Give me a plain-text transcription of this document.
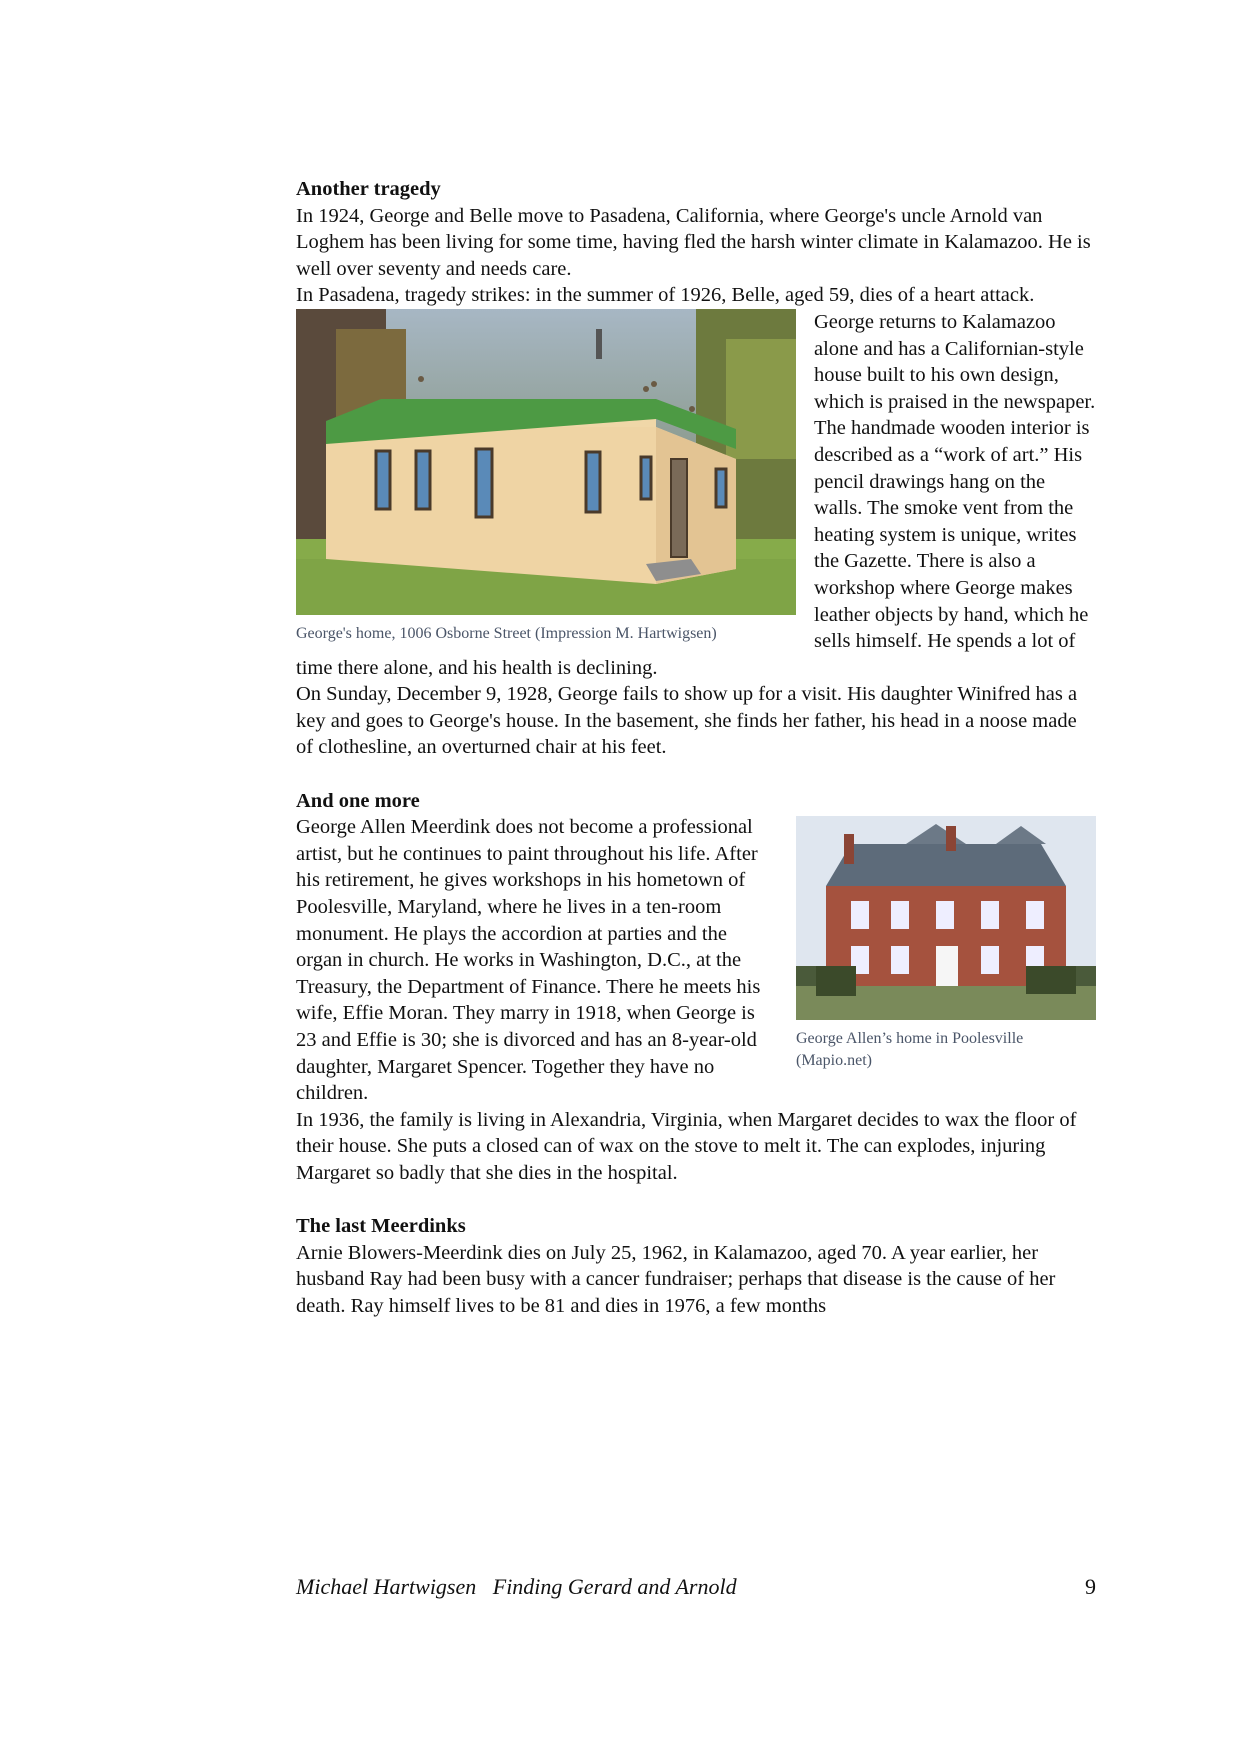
Another tragedy

In 1924, George and Belle move to Pasadena, California, where George's uncle Arnold van Loghem has been living for some time, having fled the harsh winter climate in Kalamazoo. He is well over seventy and needs care.

In Pasadena, tragedy strikes: in the summer of 1926, Belle, aged 59, dies of a heart attack. George returns to Kalamazoo alone and has a Californian-style house built to his own design, which is praised in the newspaper. The handmade wooden interior is described as a “work of art.” His pencil drawings hang on the walls. The smoke vent from the heating system is unique, writes the Gazette. There is also a workshop where George makes leather objects by hand, which he sells himself. He spends a lot of time there alone, and his health is declining.

George's home, 1006 Osborne Street (Impression M. Hartwigsen)

On Sunday, December 9, 1928, George fails to show up for a visit. His daughter Winifred has a key and goes to George's house. In the basement, she finds her father, his head in a noose made of clothesline, an overturned chair at his feet.

And one more

George Allen’s home in Poolesville (Mapio.net)

George Allen Meerdink does not become a professional artist, but he continues to paint throughout his life. After his retirement, he gives workshops in his hometown of Poolesville, Maryland, where he lives in a ten-room monument. He plays the accordion at parties and the organ in church. He works in Washington, D.C., at the Treasury, the Department of Finance. There he meets his wife, Effie Moran. They marry in 1918, when George is 23 and Effie is 30; she is divorced and has an 8-year-old daughter, Margaret Spencer. Together they have no children.

In 1936, the family is living in Alexandria, Virginia, when Margaret decides to wax the floor of their house. She puts a closed can of wax on the stove to melt it. The can explodes, injuring Margaret so badly that she dies in the hospital.

The last Meerdinks

Arnie Blowers-Meerdink dies on July 25, 1962, in Kalamazoo, aged 70. A year earlier, her husband Ray had been busy with a cancer fundraiser; perhaps that disease is the cause of her death. Ray himself lives to be 81 and dies in 1976, a few months

Michael Hartwigsen   Finding Gerard and Arnold	9
